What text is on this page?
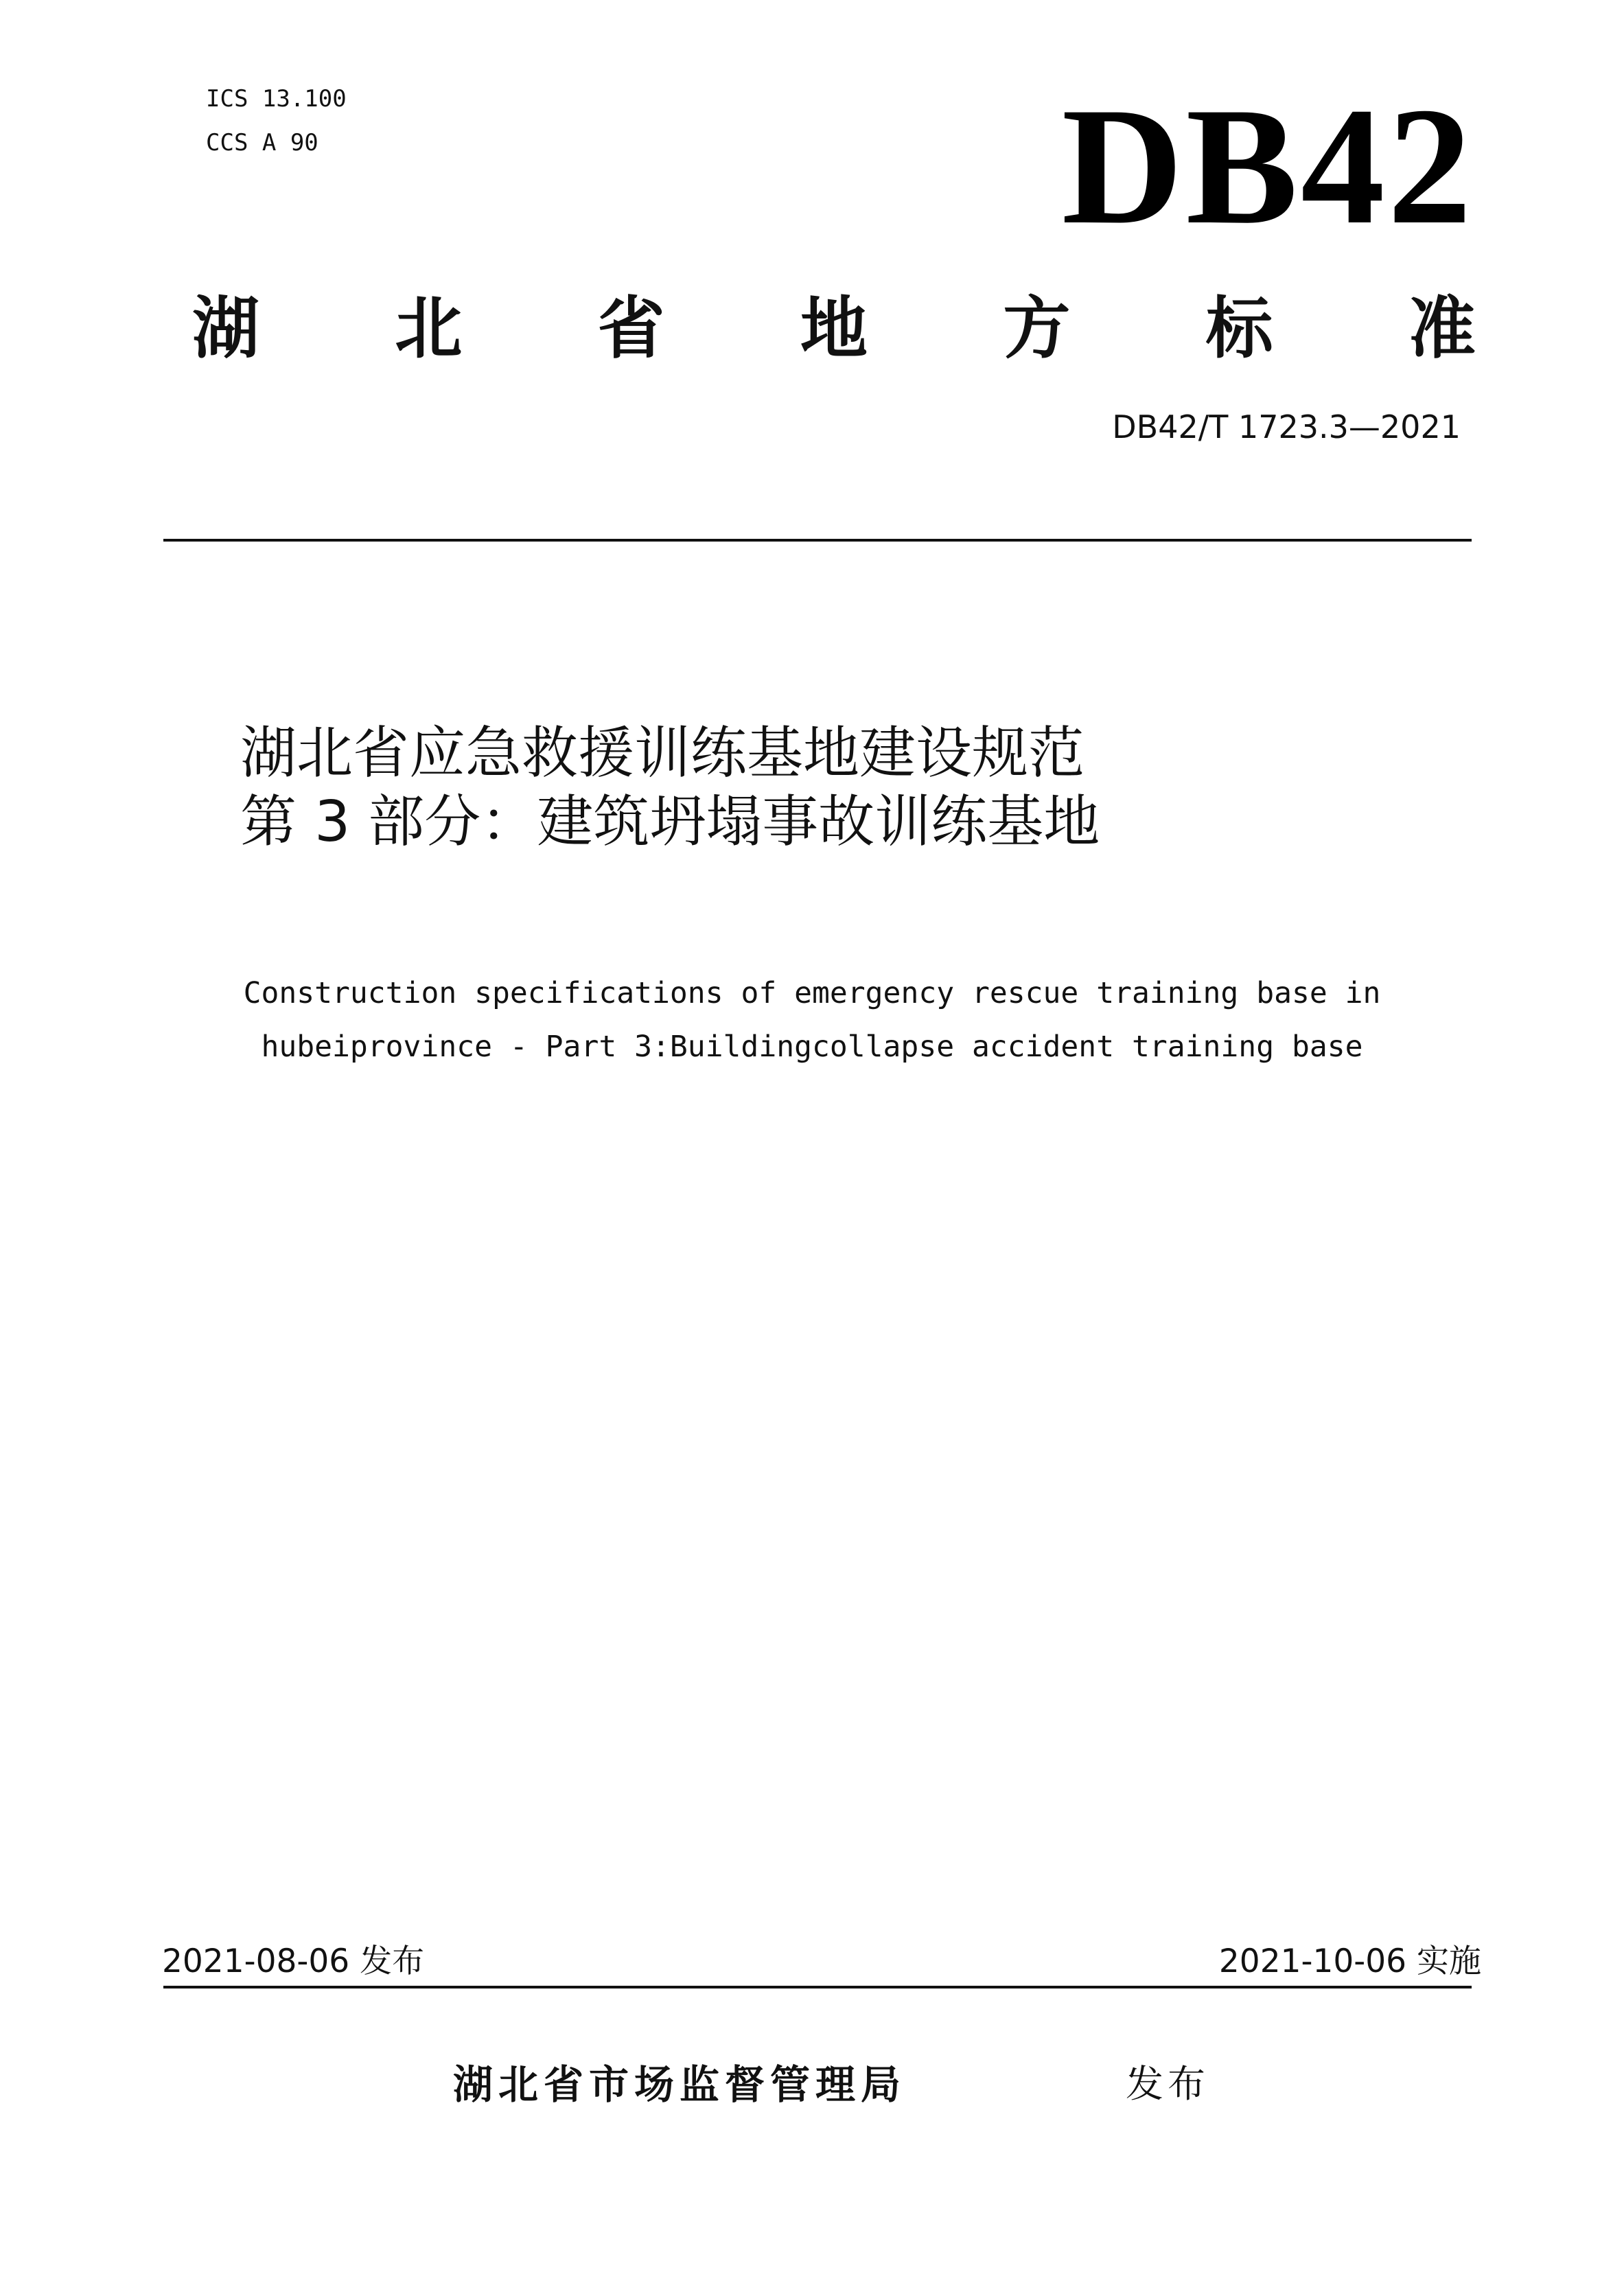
ICS 13.100
CCS A 90	DB42
湖 北 省 地 方 标 准
DB42/T 1723.3—2021
湖北省应急救援训练基地建设规范
第 3 部分：建筑坍塌事故训练基地
Construction specifications of emergency rescue training base in
hubeiprovince - Part 3:Buildingcollapse accident training base
2021-08-06 发布	2021-10-06 实施
湖北省市场监督管理局	发布
